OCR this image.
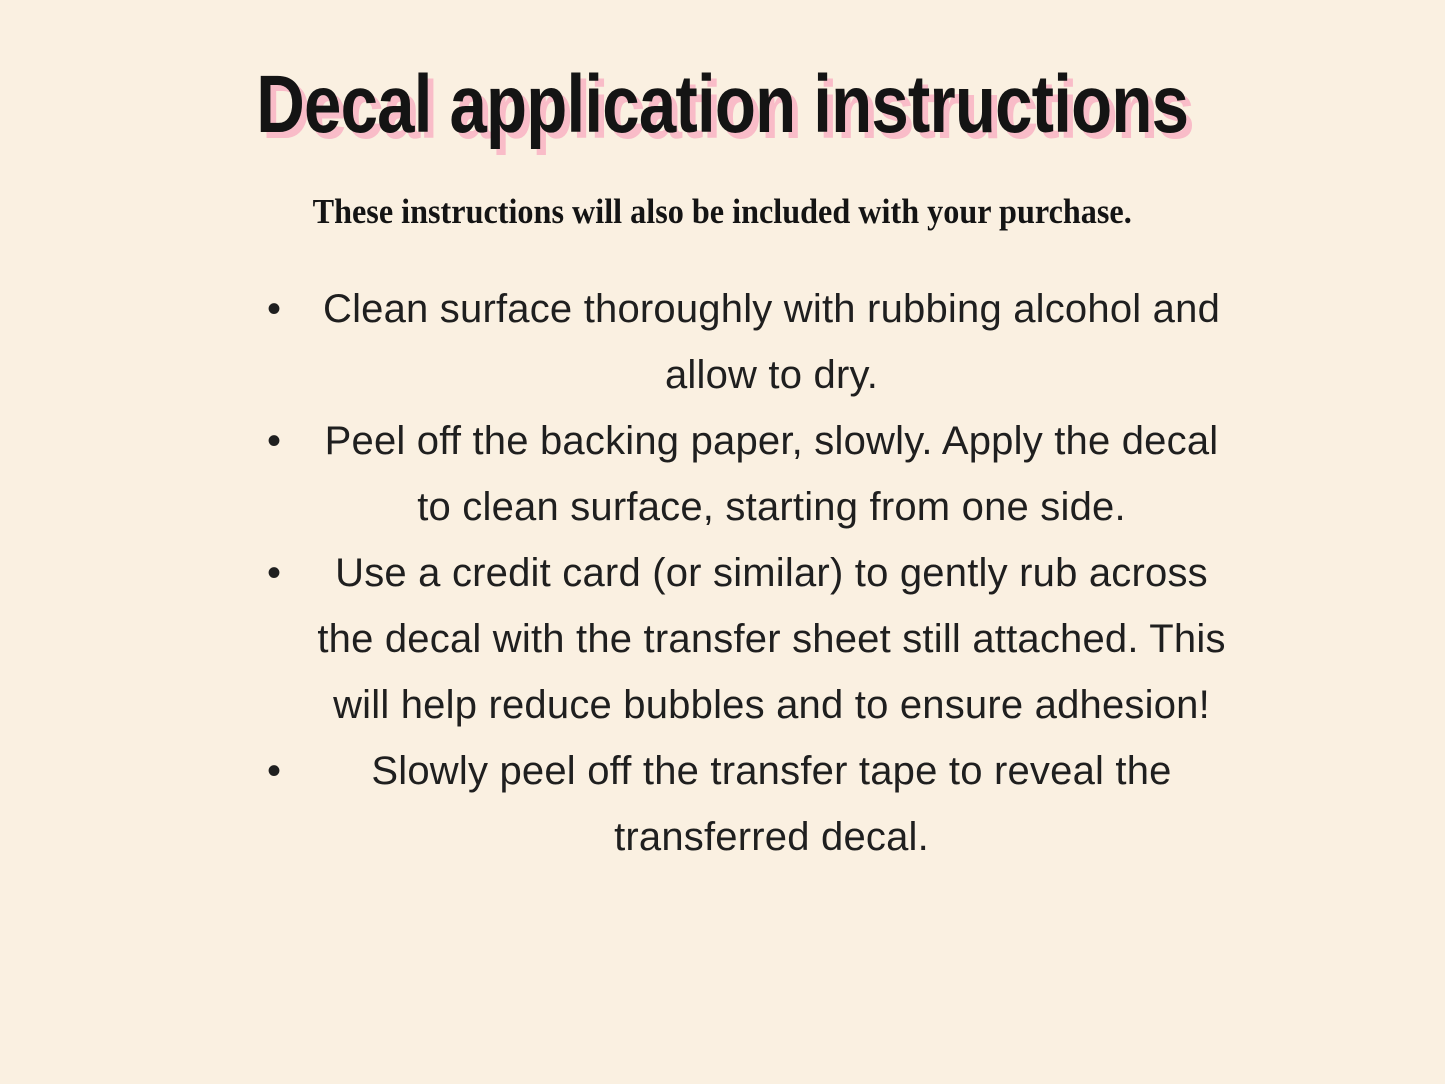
Decal application instructions

These instructions will also be included with your purchase.

•	Clean surface thoroughly with rubbing alcohol and allow to dry.
•	Peel off the backing paper, slowly. Apply the decal to clean surface, starting from one side.
•	Use a credit card (or similar) to gently rub across the decal with the transfer sheet still attached. This will help reduce bubbles and to ensure adhesion!
•	Slowly peel off the transfer tape to reveal the transferred decal.
